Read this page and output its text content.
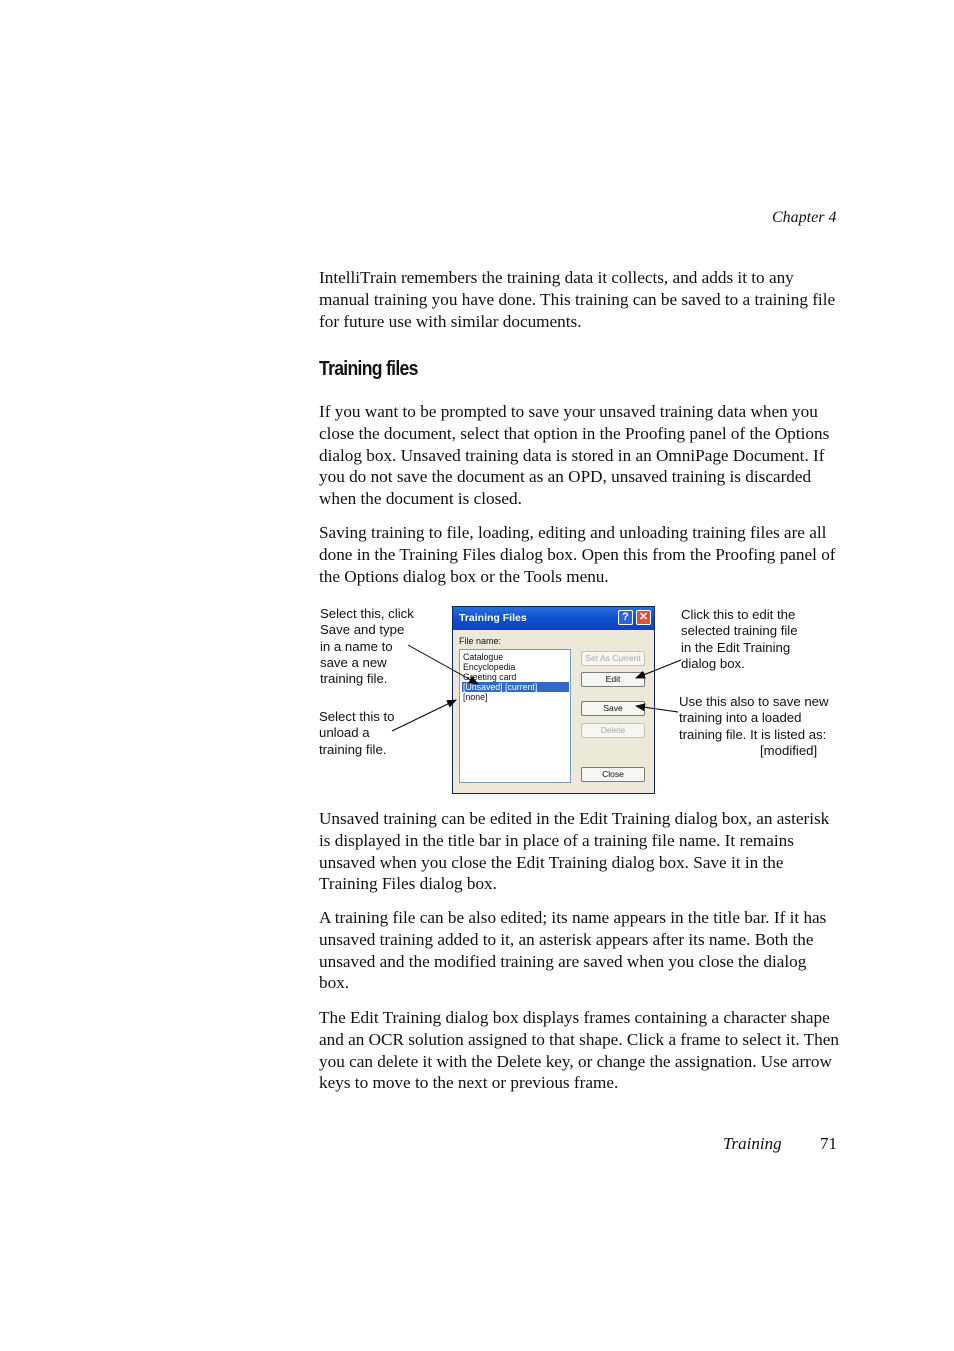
Chapter 4

IntelliTrain remembers the training data it collects, and adds it to any manual training you have done. This training can be saved to a training file for future use with similar documents.

Training files

If you want to be prompted to save your unsaved training data when you close the document, select that option in the Proofing panel of the Options dialog box. Unsaved training data is stored in an OmniPage Document. If you do not save the document as an OPD, unsaved training is discarded when the document is closed.

Saving training to file, loading, editing and unloading training files are all done in the Training Files dialog box. Open this from the Proofing panel of the Options dialog box or the Tools menu.

Select this, click
Save and type
in a name to
save a new
training file.
Select this to
unload a
training file.
Click this to edit the
selected training file
in the Edit Training
dialog box.
Use this also to save new
training into a loaded
training file. It is listed as:
[modified]
Training Files	? ✕
File name:
Catalogue
Encyclopedia
Greeting card
[Unsaved] [current]
[none]
Set As Current
Edit
Save
Delete
Close

Unsaved training can be edited in the Edit Training dialog box, an asterisk is displayed in the title bar in place of a training file name. It remains unsaved when you close the Edit Training dialog box. Save it in the Training Files dialog box.

A training file can be also edited; its name appears in the title bar. If it has unsaved training added to it, an asterisk appears after its name. Both the unsaved and the modified training are saved when you close the dialog box.

The Edit Training dialog box displays frames containing a character shape and an OCR solution assigned to that shape. Click a frame to select it. Then you can delete it with the Delete key, or change the assignation. Use arrow keys to move to the next or previous frame.

Training 71
